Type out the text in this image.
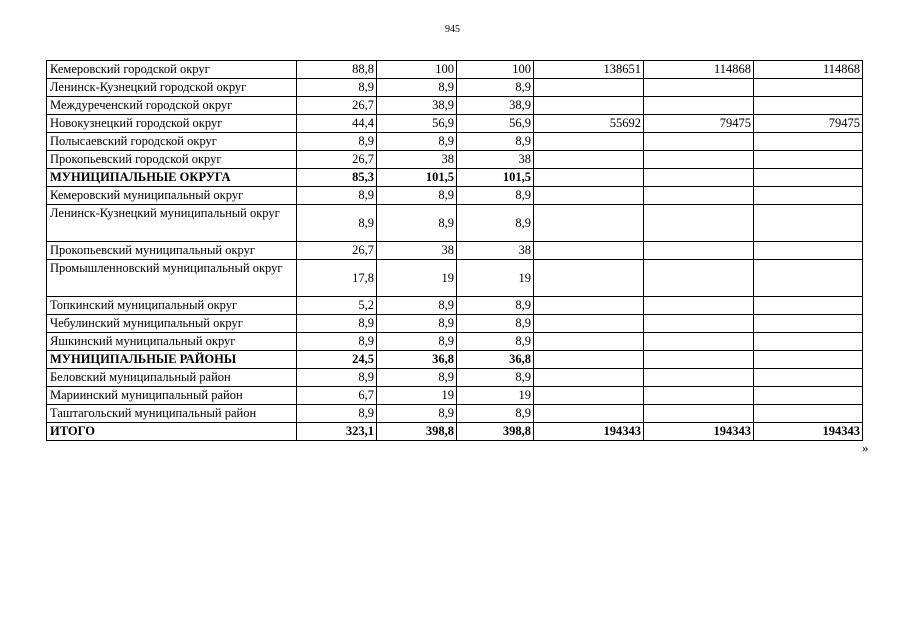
945
Кемеровский городской округ	88,8	100	100	138651	114868	114868
Ленинск-Кузнецкий городской округ	8,9	8,9	8,9			
Междуреченский городской округ	26,7	38,9	38,9			
Новокузнецкий городской округ	44,4	56,9	56,9	55692	79475	79475
Полысаевский городской округ	8,9	8,9	8,9			
Прокопьевский городской округ	26,7	38	38			
МУНИЦИПАЛЬНЫЕ ОКРУГА	85,3	101,5	101,5			
Кемеровский муниципальный округ	8,9	8,9	8,9			
Ленинск-Кузнецкий муниципальный округ	8,9	8,9	8,9			
Прокопьевский муниципальный округ	26,7	38	38			
Промышленновский муниципальный округ	17,8	19	19			
Топкинский муниципальный округ	5,2	8,9	8,9			
Чебулинский муниципальный округ	8,9	8,9	8,9			
Яшкинский муниципальный округ	8,9	8,9	8,9			
МУНИЦИПАЛЬНЫЕ РАЙОНЫ	24,5	36,8	36,8			
Беловский муниципальный район	8,9	8,9	8,9			
Мариинский муниципальный район	6,7	19	19			
Таштагольский муниципальный район	8,9	8,9	8,9			
ИТОГО	323,1	398,8	398,8	194343	194343	194343
»
